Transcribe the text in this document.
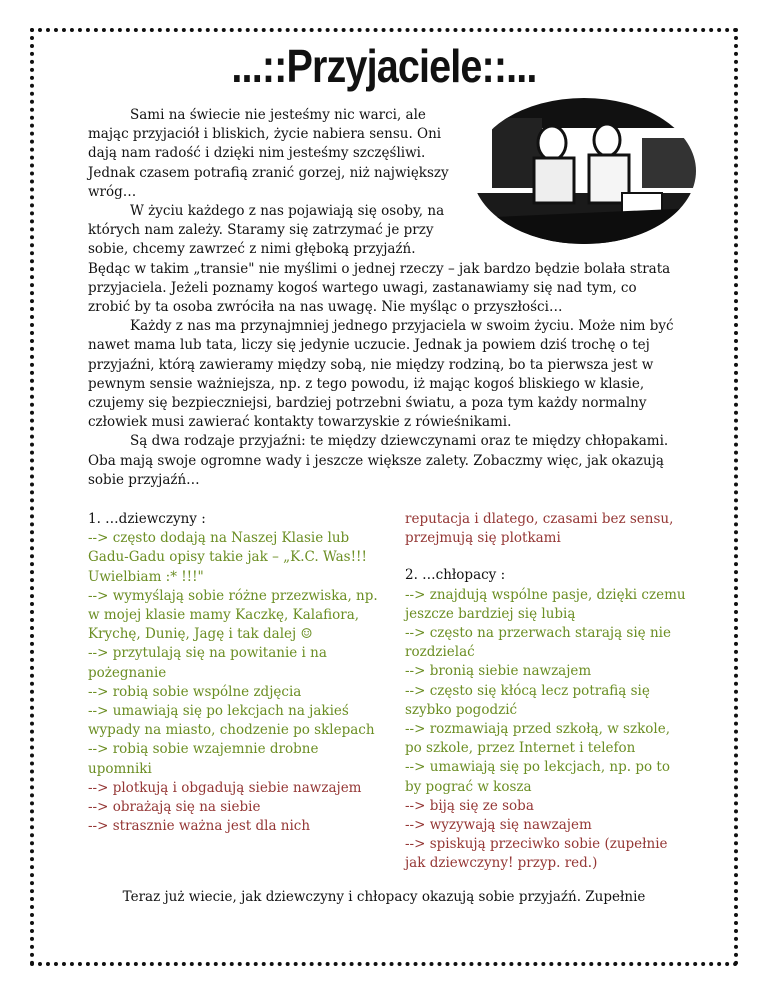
...::Przyjaciele::...

Sami na świecie nie jesteśmy nic warci, ale mając przyjaciół i bliskich, życie nabiera sensu. Oni dają nam radość i dzięki nim jesteśmy szczęśliwi. Jednak czasem potrafią zranić gorzej, niż największy wróg…

W życiu każdego z nas pojawiają się osoby, na których nam zależy. Staramy się zatrzymać je przy sobie, chcemy zawrzeć z nimi głęboką przyjaźń.

Będąc w takim „transie" nie myślimi o jednej rzeczy – jak bardzo będzie bolała strata przyjaciela. Jeżeli poznamy kogoś wartego uwagi, zastanawiamy się nad tym, co zrobić by ta osoba zwróciła na nas uwagę. Nie myśląc o przyszłości…

Każdy z nas ma przynajmniej jednego przyjaciela w swoim życiu. Może nim być nawet mama lub tata, liczy się jedynie uczucie. Jednak ja powiem dziś trochę o tej przyjaźni, którą zawieramy między sobą, nie między rodziną, bo ta pierwsza jest w pewnym sensie ważniejsza, np. z tego powodu, iż mając kogoś bliskiego w klasie, czujemy się bezpieczniejsi, bardziej potrzebni światu, a poza tym każdy normalny człowiek musi zawierać kontakty towarzyskie z rówieśnikami.

Są dwa rodzaje przyjaźni: te między dziewczynami oraz te między chłopakami. Oba mają swoje ogromne wady i jeszcze większe zalety. Zobaczmy więc, jak okazują sobie przyjaźń…

1. …dziewczyny :

--> często dodają na Naszej Klasie lub Gadu-Gadu opisy takie jak – „K.C. Was!!! Uwielbiam :* !!!"

--> wymyślają sobie różne przezwiska, np. w mojej klasie mamy Kaczkę, Kalafiora, Krychę, Dunię, Jagę i tak dalej ☺

--> przytulają się na powitanie i na pożegnanie

--> robią sobie wspólne zdjęcia

--> umawiają się po lekcjach na jakieś wypady na miasto, chodzenie po sklepach

--> robią sobie wzajemnie drobne upomniki

--> plotkują i obgadują siebie nawzajem

--> obrażają się na siebie

--> strasznie ważna jest dla nich

reputacja i dlatego, czasami bez sensu, przejmują się plotkami

2. …chłopacy :

--> znajdują wspólne pasje, dzięki czemu jeszcze bardziej się lubią

--> często na przerwach starają się nie rozdzielać

--> bronią siebie nawzajem

--> często się kłócą lecz potrafią się szybko pogodzić

--> rozmawiają przed szkołą, w szkole, po szkole, przez Internet i telefon

--> umawiają się po lekcjach, np. po to by pograć w kosza

--> biją się ze soba

--> wyzywają się nawzajem

--> spiskują przeciwko sobie (zupełnie jak dziewczyny! przyp. red.)

Teraz już wiecie, jak dziewczyny i chłopacy okazują sobie przyjaźń. Zupełnie
